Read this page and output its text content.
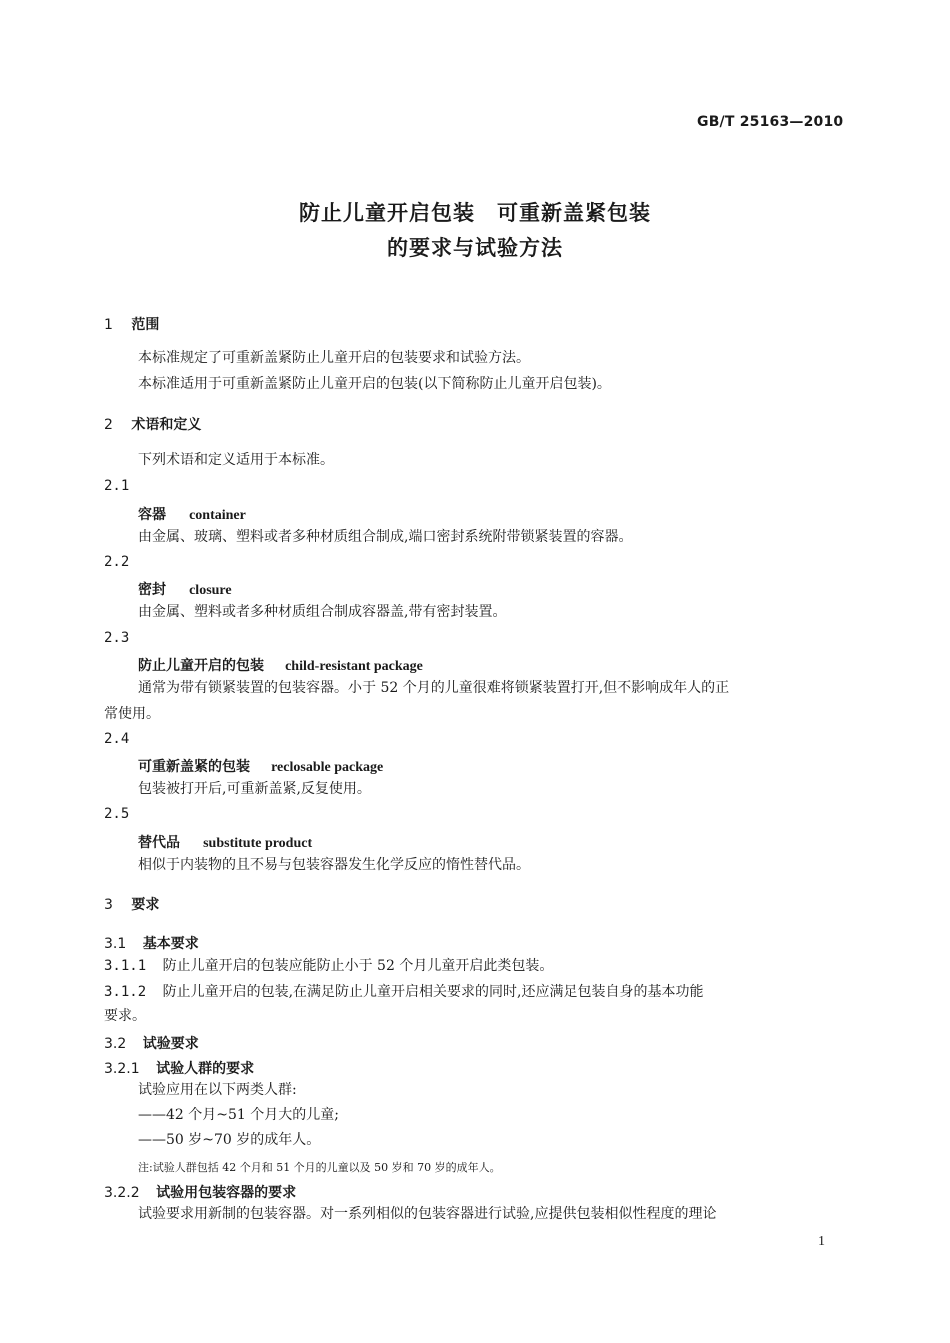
GB/T 25163—2010
防止儿童开启包装　可重新盖紧包装
的要求与试验方法
1 范围
本标准规定了可重新盖紧防止儿童开启的包装要求和试验方法。
本标准适用于可重新盖紧防止儿童开启的包装(以下简称防止儿童开启包装)。
2 术语和定义
下列术语和定义适用于本标准。
2.1
容器 container
由金属、玻璃、塑料或者多种材质组合制成,端口密封系统附带锁紧装置的容器。
2.2
密封 closure
由金属、塑料或者多种材质组合制成容器盖,带有密封装置。
2.3
防止儿童开启的包装 child-resistant package
通常为带有锁紧装置的包装容器。小于 52 个月的儿童很难将锁紧装置打开,但不影响成年人的正
常使用。
2.4
可重新盖紧的包装 reclosable package
包装被打开后,可重新盖紧,反复使用。
2.5
替代品 substitute product
相似于内装物的且不易与包装容器发生化学反应的惰性替代品。
3 要求
3.1 基本要求
3.1.1 防止儿童开启的包装应能防止小于 52 个月儿童开启此类包装。
3.1.2 防止儿童开启的包装,在满足防止儿童开启相关要求的同时,还应满足包装自身的基本功能
要求。
3.2 试验要求
3.2.1 试验人群的要求
试验应用在以下两类人群:
——42 个月~51 个月大的儿童;
——50 岁~70 岁的成年人。
注:试验人群包括 42 个月和 51 个月的儿童以及 50 岁和 70 岁的成年人。
3.2.2 试验用包装容器的要求
试验要求用新制的包装容器。对一系列相似的包装容器进行试验,应提供包装相似性程度的理论
1
